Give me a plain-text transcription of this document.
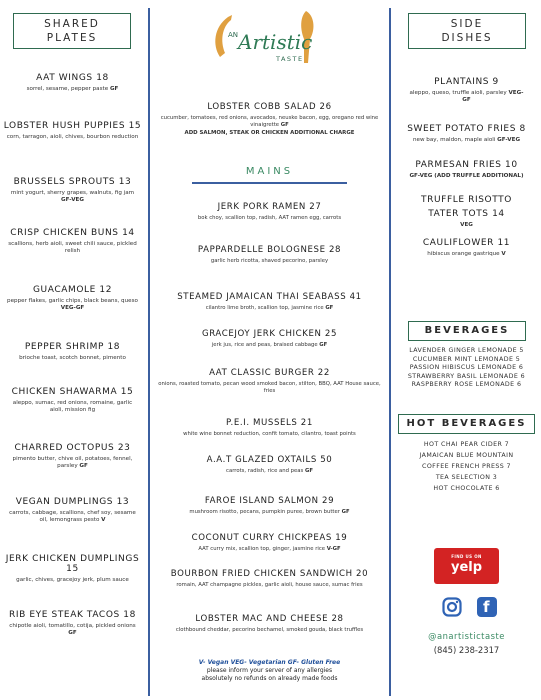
SHARED
PLATES
AAT WINGS 18
sorrel, sesame, pepper paste GF
LOBSTER HUSH PUPPIES 15
corn, tarragon, aioli, chives, bourbon reduction
BRUSSELS SPROUTS 13
mint yogurt, sherry grapes, walnuts, fig jam GF-VEG
CRISP CHICKEN BUNS 14
scallions, herb aioli, sweet chili sauce, pickled relish
GUACAMOLE 12
pepper flakes, garlic chips, black beans, queso VEG-GF
PEPPER SHRIMP 18
brioche toast, scotch bonnet, pimento
CHICKEN SHAWARMA 15
aleppo, sumac, red onions, romaine, garlic aioli, mission fig
CHARRED OCTOPUS 23
pimento butter, chive oil, potatoes, fennel, parsley GF
VEGAN DUMPLINGS 13
carrots, cabbage, scallions, chef soy, sesame oil, lemongrass pesto V
JERK CHICKEN DUMPLINGS 15
garlic, chives, gracejoy jerk, plum sauce
RIB EYE STEAK TACOS 18
chipotle aioli, tomatillo, cotija, pickled onions GF
AN Artistic
TASTE
LOBSTER COBB SALAD 26
cucumber, tomatoes, red onions, avocados, neuske bacon, egg, oregano red wine vinaigrette GF
ADD SALMON, STEAK OR CHICKEN ADDITIONAL CHARGE
MAINS
JERK PORK RAMEN 27
bok choy, scallion top, radish, AAT ramen egg, carrots
PAPPARDELLE BOLOGNESE 28
garlic herb ricotta, shaved pecorino, parsley
STEAMED JAMAICAN THAI SEABASS 41
cilantro lime broth, scallion top, jasmine rice GF
GRACEJOY JERK CHICKEN 25
jerk jus, rice and peas, braised cabbage GF
AAT CLASSIC BURGER 22
onions, roasted tomato, pecan wood smoked bacon, stilton, BBQ, AAT House sauce, fries
P.E.I. MUSSELS 21
white wine bonnet reduction, confit tomato, cilantro, toast points
A.A.T GLAZED OXTAILS 50
carrots, radish, rice and peas GF
FAROE ISLAND SALMON 29
mushroom risotto, pecans, pumpkin puree, brown butter GF
COCONUT CURRY CHICKPEAS 19
AAT curry mix, scallion top, ginger, jasmine rice V-GF
BOURBON FRIED CHICKEN SANDWICH 20
romain, AAT champagne pickles, garlic aioli, house sauce, sumac fries
LOBSTER MAC AND CHEESE 28
clothbound cheddar, pecorino bechamel, smoked gouda, black truffles
V- Vegan VEG- Vegetarian GF- Gluten Free
please inform your server of any allergies
absolutely no refunds on already made foods
SIDE
DISHES
PLANTAINS 9
aleppo, queso, truffle aioli, parsley VEG-GF
SWEET POTATO FRIES 8
new bay, maldon, maple aioli GF-VEG
PARMESAN FRIES 10
GF-VEG (ADD TRUFFLE ADDITIONAL)
TRUFFLE RISOTTO TATER TOTS 14
VEG
CAULIFLOWER 11
hibiscus orange gastrique V
BEVERAGES
LAVENDER GINGER LEMONADE 5
CUCUMBER MINT LEMONADE 5
PASSION HIBISCUS LEMONADE 6
STRAWBERRY BASIL LEMONADE 6
RASPBERRY ROSE LEMONADE 6
HOT BEVERAGES
HOT CHAI PEAR CIDER 7
JAMAICAN BLUE MOUNTAIN
COFFEE FRENCH PRESS 7
TEA SELECTION 3
HOT CHOCOLATE 6
FIND US ON
yelp
f
@anartistictaste
(845) 238-2317
